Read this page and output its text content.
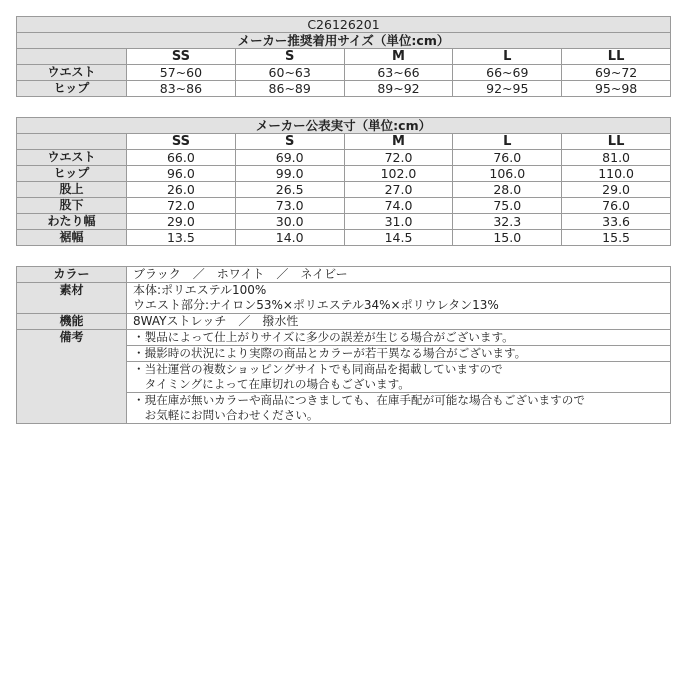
C26126201					
メーカー推奨着用サイズ（単位:cm）					
	SS	S	M	L	LL
ウエスト	57~60	60~63	63~66	66~69	69~72
ヒップ	83~86	86~89	89~92	92~95	95~98
メーカー公表実寸（単位:cm）					
	SS	S	M	L	LL
ウエスト	66.0	69.0	72.0	76.0	81.0
ヒップ	96.0	99.0	102.0	106.0	110.0
股上	26.0	26.5	27.0	28.0	29.0
股下	72.0	73.0	74.0	75.0	76.0
わたり幅	29.0	30.0	31.0	32.3	33.6
裾幅	13.5	14.0	14.5	15.0	15.5
カラー	ブラック　／　ホワイト　／　ネイビー
素材	本体:ポリエステル100%
	ウエスト部分:ナイロン53%×ポリエステル34%×ポリウレタン13%
機能	8WAYストレッチ　／　撥水性
備考	・製品によって仕上がりサイズに多少の誤差が生じる場合がございます。
	・撮影時の状況により実際の商品とカラーが若干異なる場合がございます。
	・当社運営の複数ショッピングサイトでも同商品を掲載していますので
	　タイミングによって在庫切れの場合もございます。
	・現在庫が無いカラーや商品につきましても、在庫手配が可能な場合もございますので
	　お気軽にお問い合わせください。
